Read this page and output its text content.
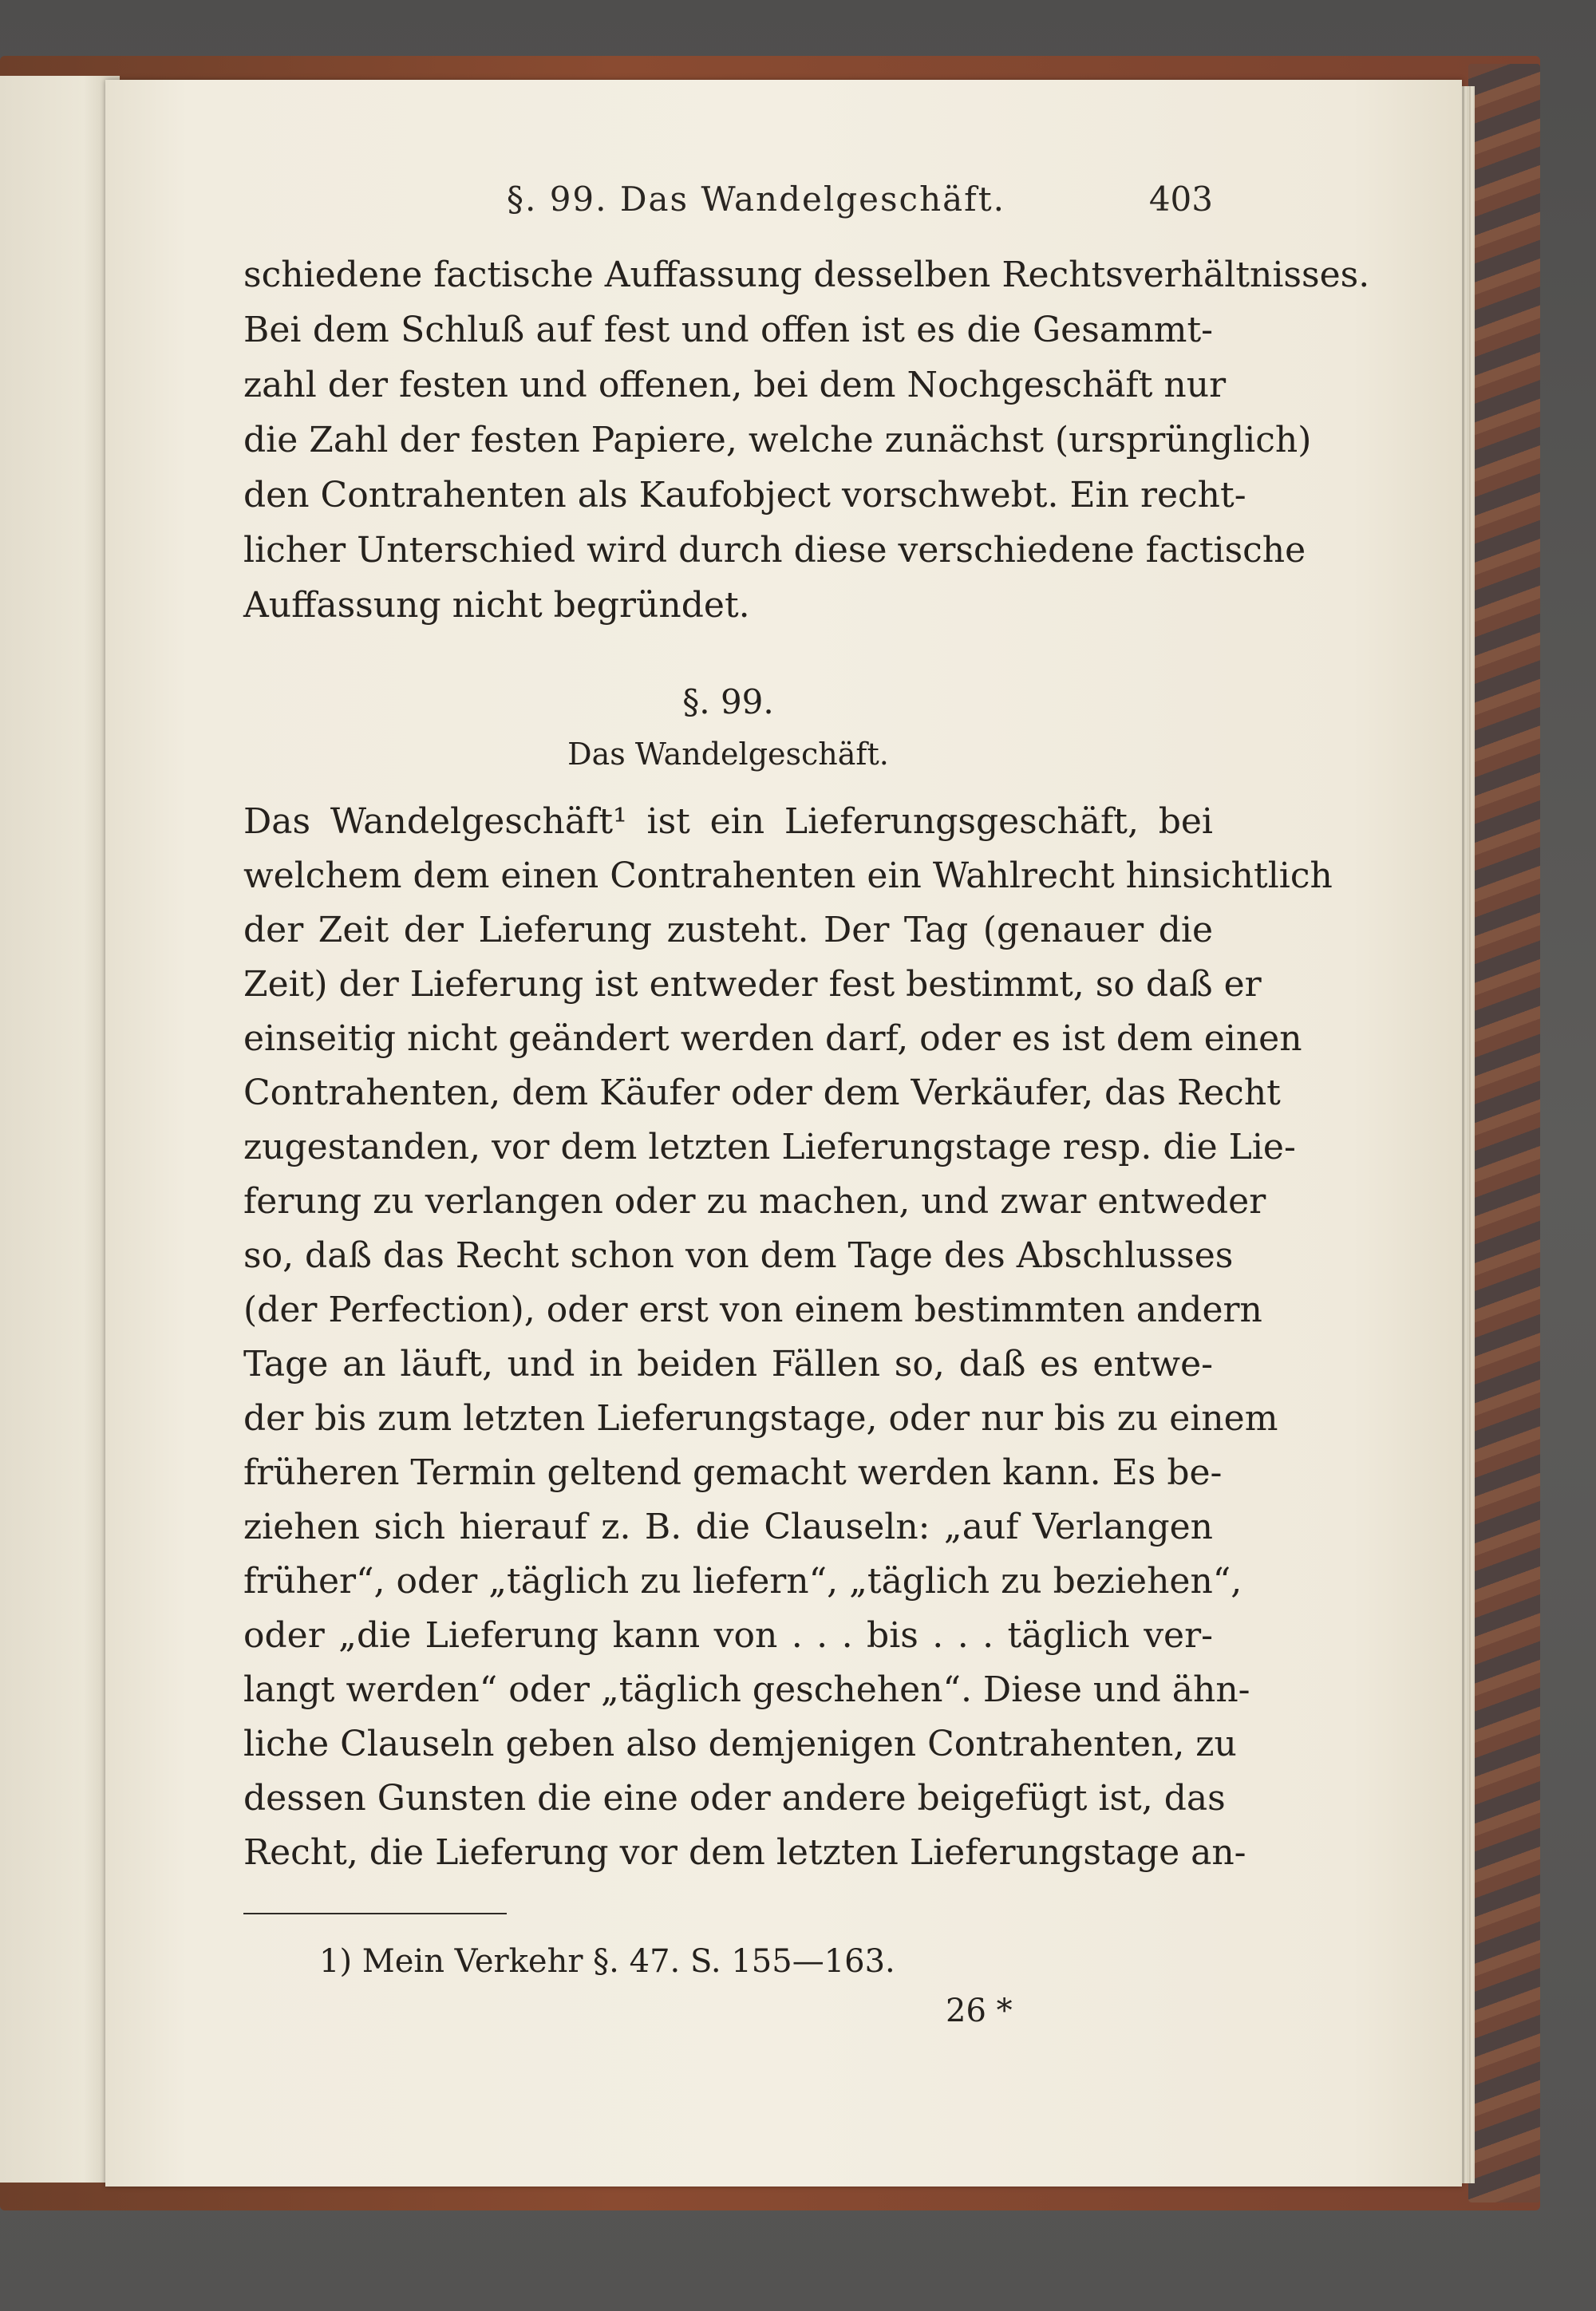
§. 99. Das Wandelgeschäft.	403
schiedene factische Auffassung desselben Rechtsverhältnisses.
Bei dem Schluß auf fest und offen ist es die Gesammt-
zahl der festen und offenen, bei dem Nochgeschäft nur
die Zahl der festen Papiere, welche zunächst (ursprünglich)
den Contrahenten als Kaufobject vorschwebt. Ein recht-
licher Unterschied wird durch diese verschiedene factische
Auffassung nicht begründet.
§. 99.
Das Wandelgeschäft.
Das Wandelgeschäft¹ ist ein Lieferungsgeschäft, bei
welchem dem einen Contrahenten ein Wahlrecht hinsichtlich
der Zeit der Lieferung zusteht. Der Tag (genauer die
Zeit) der Lieferung ist entweder fest bestimmt, so daß er
einseitig nicht geändert werden darf, oder es ist dem einen
Contrahenten, dem Käufer oder dem Verkäufer, das Recht
zugestanden, vor dem letzten Lieferungstage resp. die Lie-
ferung zu verlangen oder zu machen, und zwar entweder
so, daß das Recht schon von dem Tage des Abschlusses
(der Perfection), oder erst von einem bestimmten andern
Tage an läuft, und in beiden Fällen so, daß es entwe-
der bis zum letzten Lieferungstage, oder nur bis zu einem
früheren Termin geltend gemacht werden kann. Es be-
ziehen sich hierauf z. B. die Clauseln: „auf Verlangen
früher“, oder „täglich zu liefern“, „täglich zu beziehen“,
oder „die Lieferung kann von . . . bis . . . täglich ver-
langt werden“ oder „täglich geschehen“. Diese und ähn-
liche Clauseln geben also demjenigen Contrahenten, zu
dessen Gunsten die eine oder andere beigefügt ist, das
Recht, die Lieferung vor dem letzten Lieferungstage an-
1) Mein Verkehr §. 47. S. 155—163.
26 *
